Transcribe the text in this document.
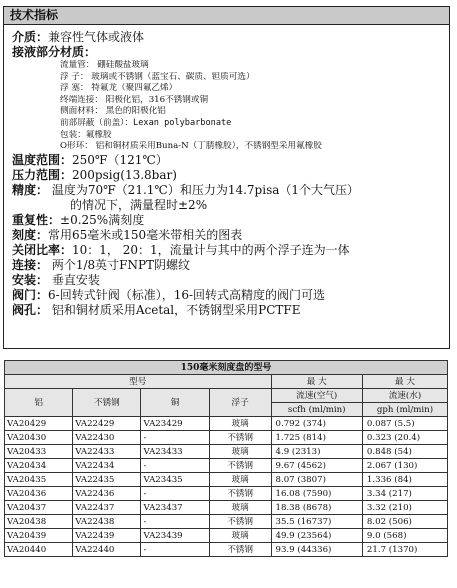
技术指标
介质：兼容性气体或液体
接液部分材质：
流量管： 硼硅酸盐玻璃
浮 子： 玻璃或不锈钢（蓝宝石、碳质、钽质可选）
浮 塞： 特氟龙（聚四氟乙烯）
终端连接： 阳极化铝，316不锈钢或铜
侧面材料： 黑色的阳极化铝
前部屏蔽（前盖）：Lexan polybarbonate
包装：氟橡胶
O形环： 铝和铜材质采用Buna-N（丁腈橡胶），不锈钢型采用氟橡胶
温度范围：250℉（121℃）
压力范围：200psig(13.8bar)
精度： 温度为70℉（21.1℃）和压力为14.7pisa（1个大气压）
的情况下，满量程时±2%
重复性：±0.25%满刻度
刻度：常用65毫米或150毫米带相关的图表
关闭比率：10：1， 20：1，流量计与其中的两个浮子连为一体
连接： 两个1/8英寸FNPT阴螺纹
安装： 垂直安装
阀门：6-回转式针阀（标准），16-回转式高精度的阀门可选
阀孔： 铝和铜材质采用Acetal，不锈钢型采用PCTFE
150毫米刻度盘的型号					
型号				最 大	最 大
铝	不锈钢	铜	浮子	流速(空气)	流速(水)
				scfh (ml/min)	gph (ml/min)
VA20429	VA22429	VA23429	玻璃	0.792 (374)	0.087 (5.5)
VA20430	VA22430	-	不锈钢	1.725 (814)	0.323 (20.4)
VA20433	VA22433	VA23433	玻璃	4.9 (2313)	0.848 (54)
VA20434	VA22434	-	不锈钢	9.67 (4562)	2.067 (130)
VA20435	VA22435	VA23435	玻璃	8.07 (3807)	1.336 (84)
VA20436	VA22436	-	不锈钢	16.08 (7590)	3.34 (217)
VA20437	VA22437	VA23437	玻璃	18.38 (8678)	3.32 (210)
VA20438	VA22438	-	不锈钢	35.5 (16737)	8.02 (506)
VA20439	VA22439	VA23439	玻璃	49.9 (23564)	9.0 (568)
VA20440	VA22440	-	不锈钢	93.9 (44336)	21.7 (1370)
